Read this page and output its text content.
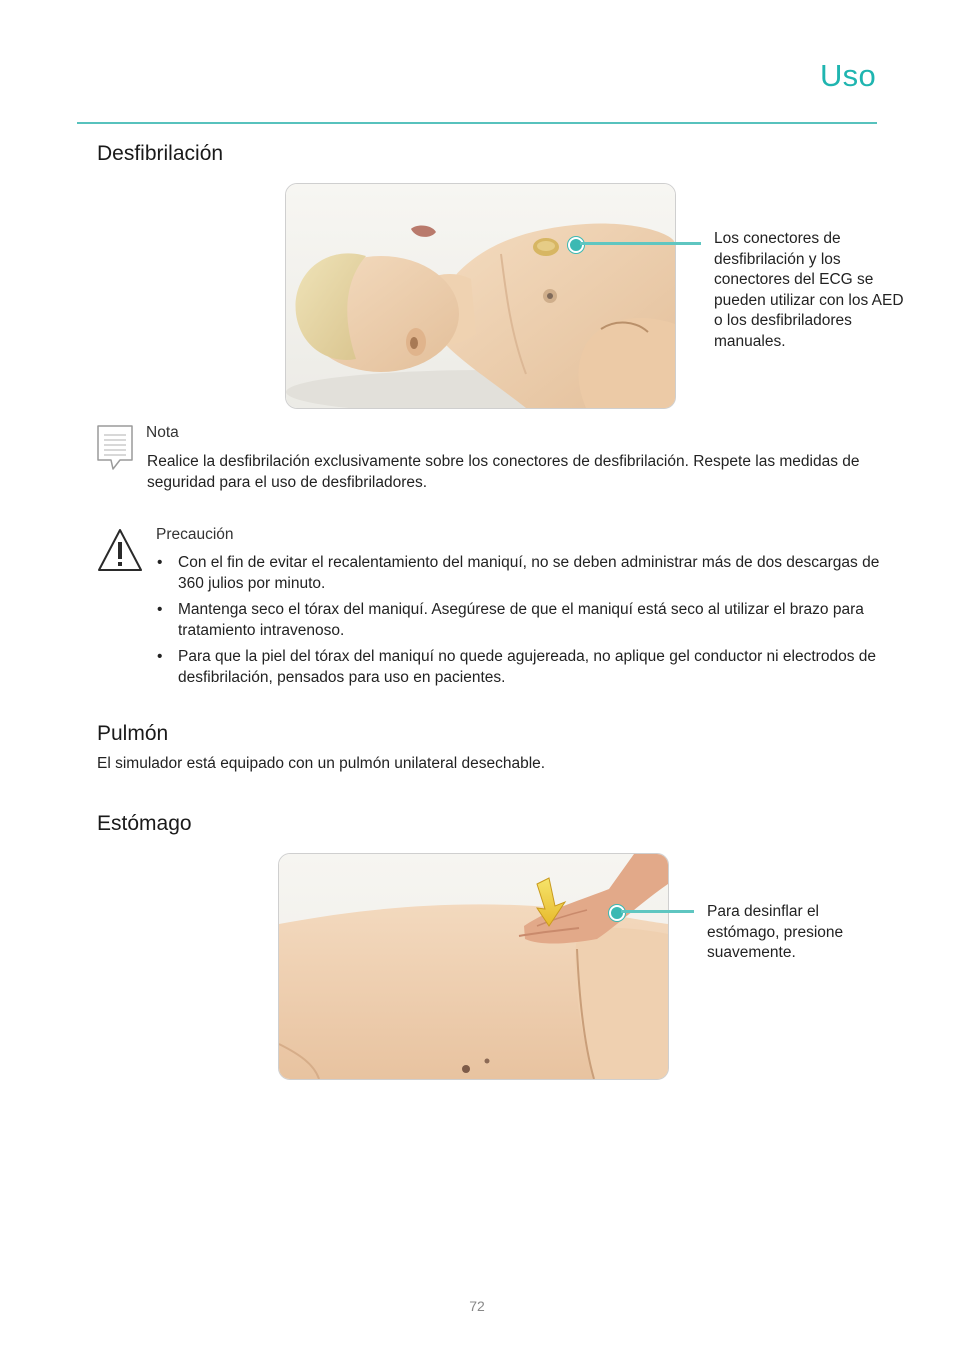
Uso
Desfibrilación
Los conectores de desfibrilación y los conectores del ECG se pueden utilizar con los AED o los desfibriladores manuales.
Nota
Realice la desfibrilación exclusivamente sobre los conectores de desfibrilación. Respete las medidas de seguridad para el uso de desfibriladores.
Precaución
• Con el fin de evitar el recalentamiento del maniquí, no se deben administrar más de dos descargas de 360 julios por minuto.
• Mantenga seco el tórax del maniquí. Asegúrese de que el maniquí está seco al utilizar el brazo para tratamiento intravenoso.
• Para que la piel del tórax del maniquí no quede agujereada, no aplique gel conductor ni electrodos de desfibrilación, pensados para uso en pacientes.
Pulmón
El simulador está equipado con un pulmón unilateral desechable.
Estómago
Para desinflar el estómago, presione suavemente.
72
